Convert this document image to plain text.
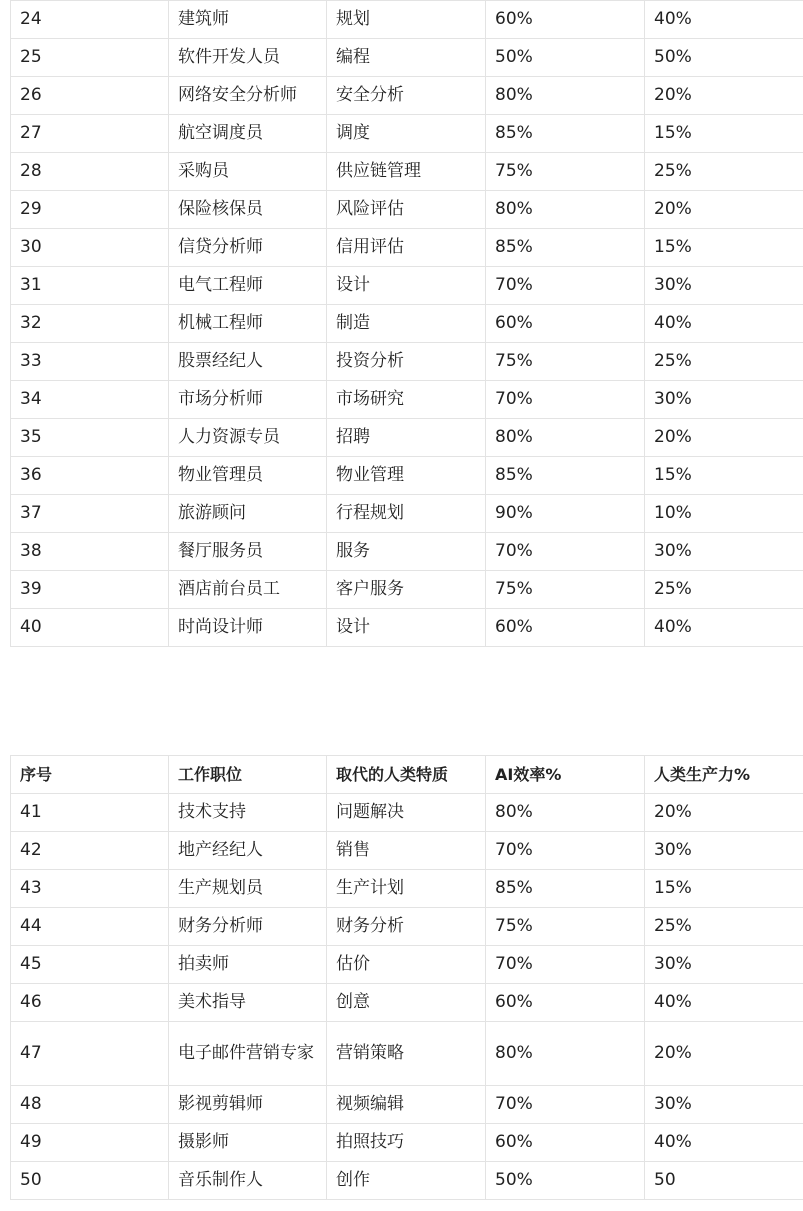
24	建筑师	规划	60%	40%
25	软件开发人员	编程	50%	50%
26	网络安全分析师	安全分析	80%	20%
27	航空调度员	调度	85%	15%
28	采购员	供应链管理	75%	25%
29	保险核保员	风险评估	80%	20%
30	信贷分析师	信用评估	85%	15%
31	电气工程师	设计	70%	30%
32	机械工程师	制造	60%	40%
33	股票经纪人	投资分析	75%	25%
34	市场分析师	市场研究	70%	30%
35	人力资源专员	招聘	80%	20%
36	物业管理员	物业管理	85%	15%
37	旅游顾问	行程规划	90%	10%
38	餐厅服务员	服务	70%	30%
39	酒店前台员工	客户服务	75%	25%
40	时尚设计师	设计	60%	40%
序号	工作职位	取代的人类特质	AI效率%	人类生产力%
41	技术支持	问题解决	80%	20%
42	地产经纪人	销售	70%	30%
43	生产规划员	生产计划	85%	15%
44	财务分析师	财务分析	75%	25%
45	拍卖师	估价	70%	30%
46	美术指导	创意	60%	40%
47	电子邮件营销专家	营销策略	80%	20%
48	影视剪辑师	视频编辑	70%	30%
49	摄影师	拍照技巧	60%	40%
50	音乐制作人	创作	50%	50
